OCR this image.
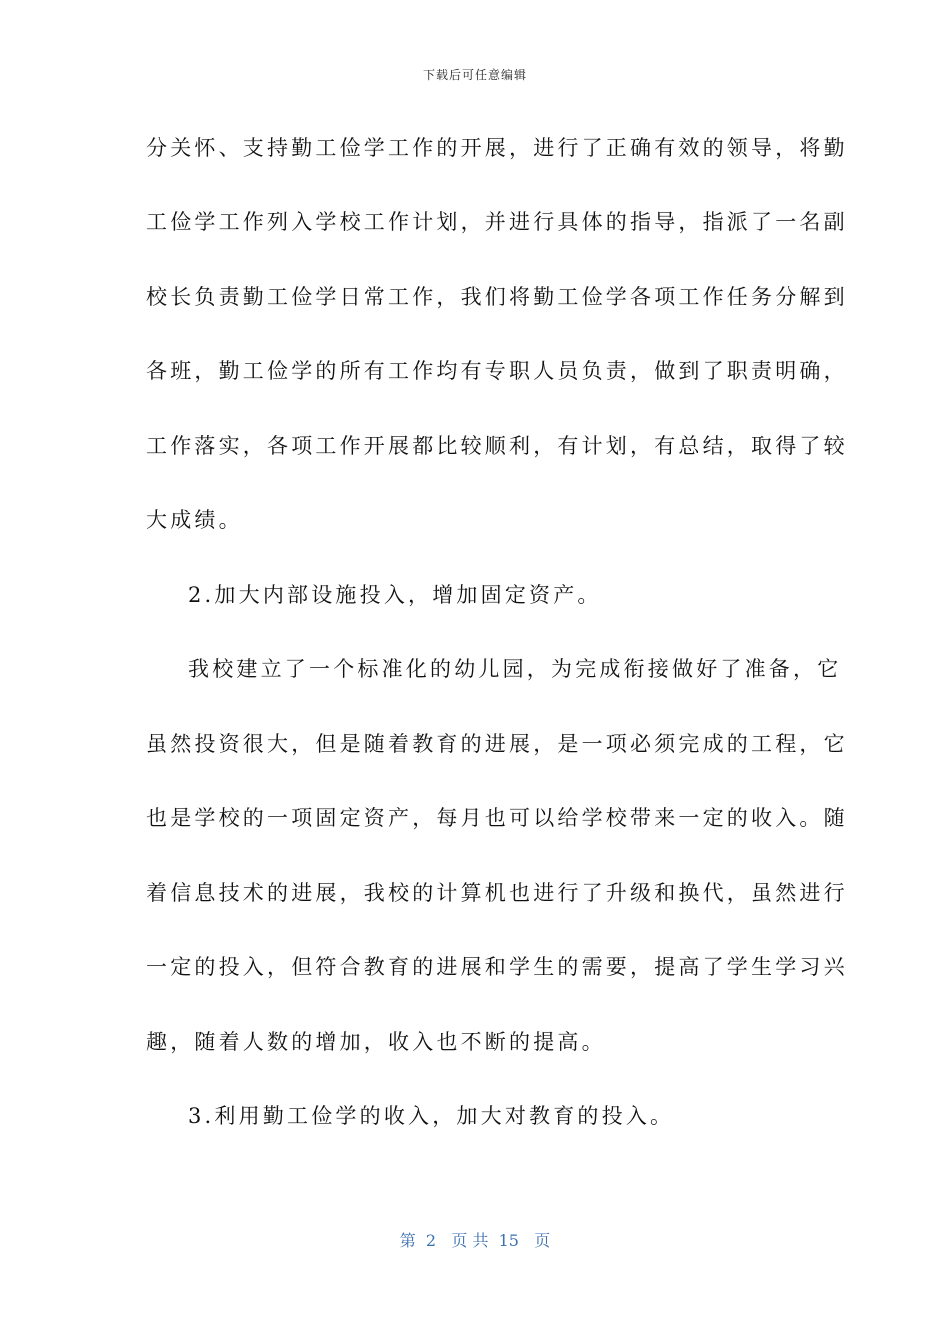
下载后可任意编辑
分关怀、支持勤工俭学工作的开展，进行了正确有效的领导，将勤
工俭学工作列入学校工作计划，并进行具体的指导，指派了一名副
校长负责勤工俭学日常工作，我们将勤工俭学各项工作任务分解到
各班，勤工俭学的所有工作均有专职人员负责，做到了职责明确，
工作落实，各项工作开展都比较顺利，有计划，有总结，取得了较
大成绩。
2.加大内部设施投入，增加固定资产。
我校建立了一个标准化的幼儿园，为完成衔接做好了准备，它
虽然投资很大，但是随着教育的进展，是一项必须完成的工程，它
也是学校的一项固定资产，每月也可以给学校带来一定的收入。随
着信息技术的进展，我校的计算机也进行了升级和换代，虽然进行
一定的投入，但符合教育的进展和学生的需要，提高了学生学习兴
趣，随着人数的增加，收入也不断的提高。
3.利用勤工俭学的收入，加大对教育的投入。
第  2   页 共  15   页
